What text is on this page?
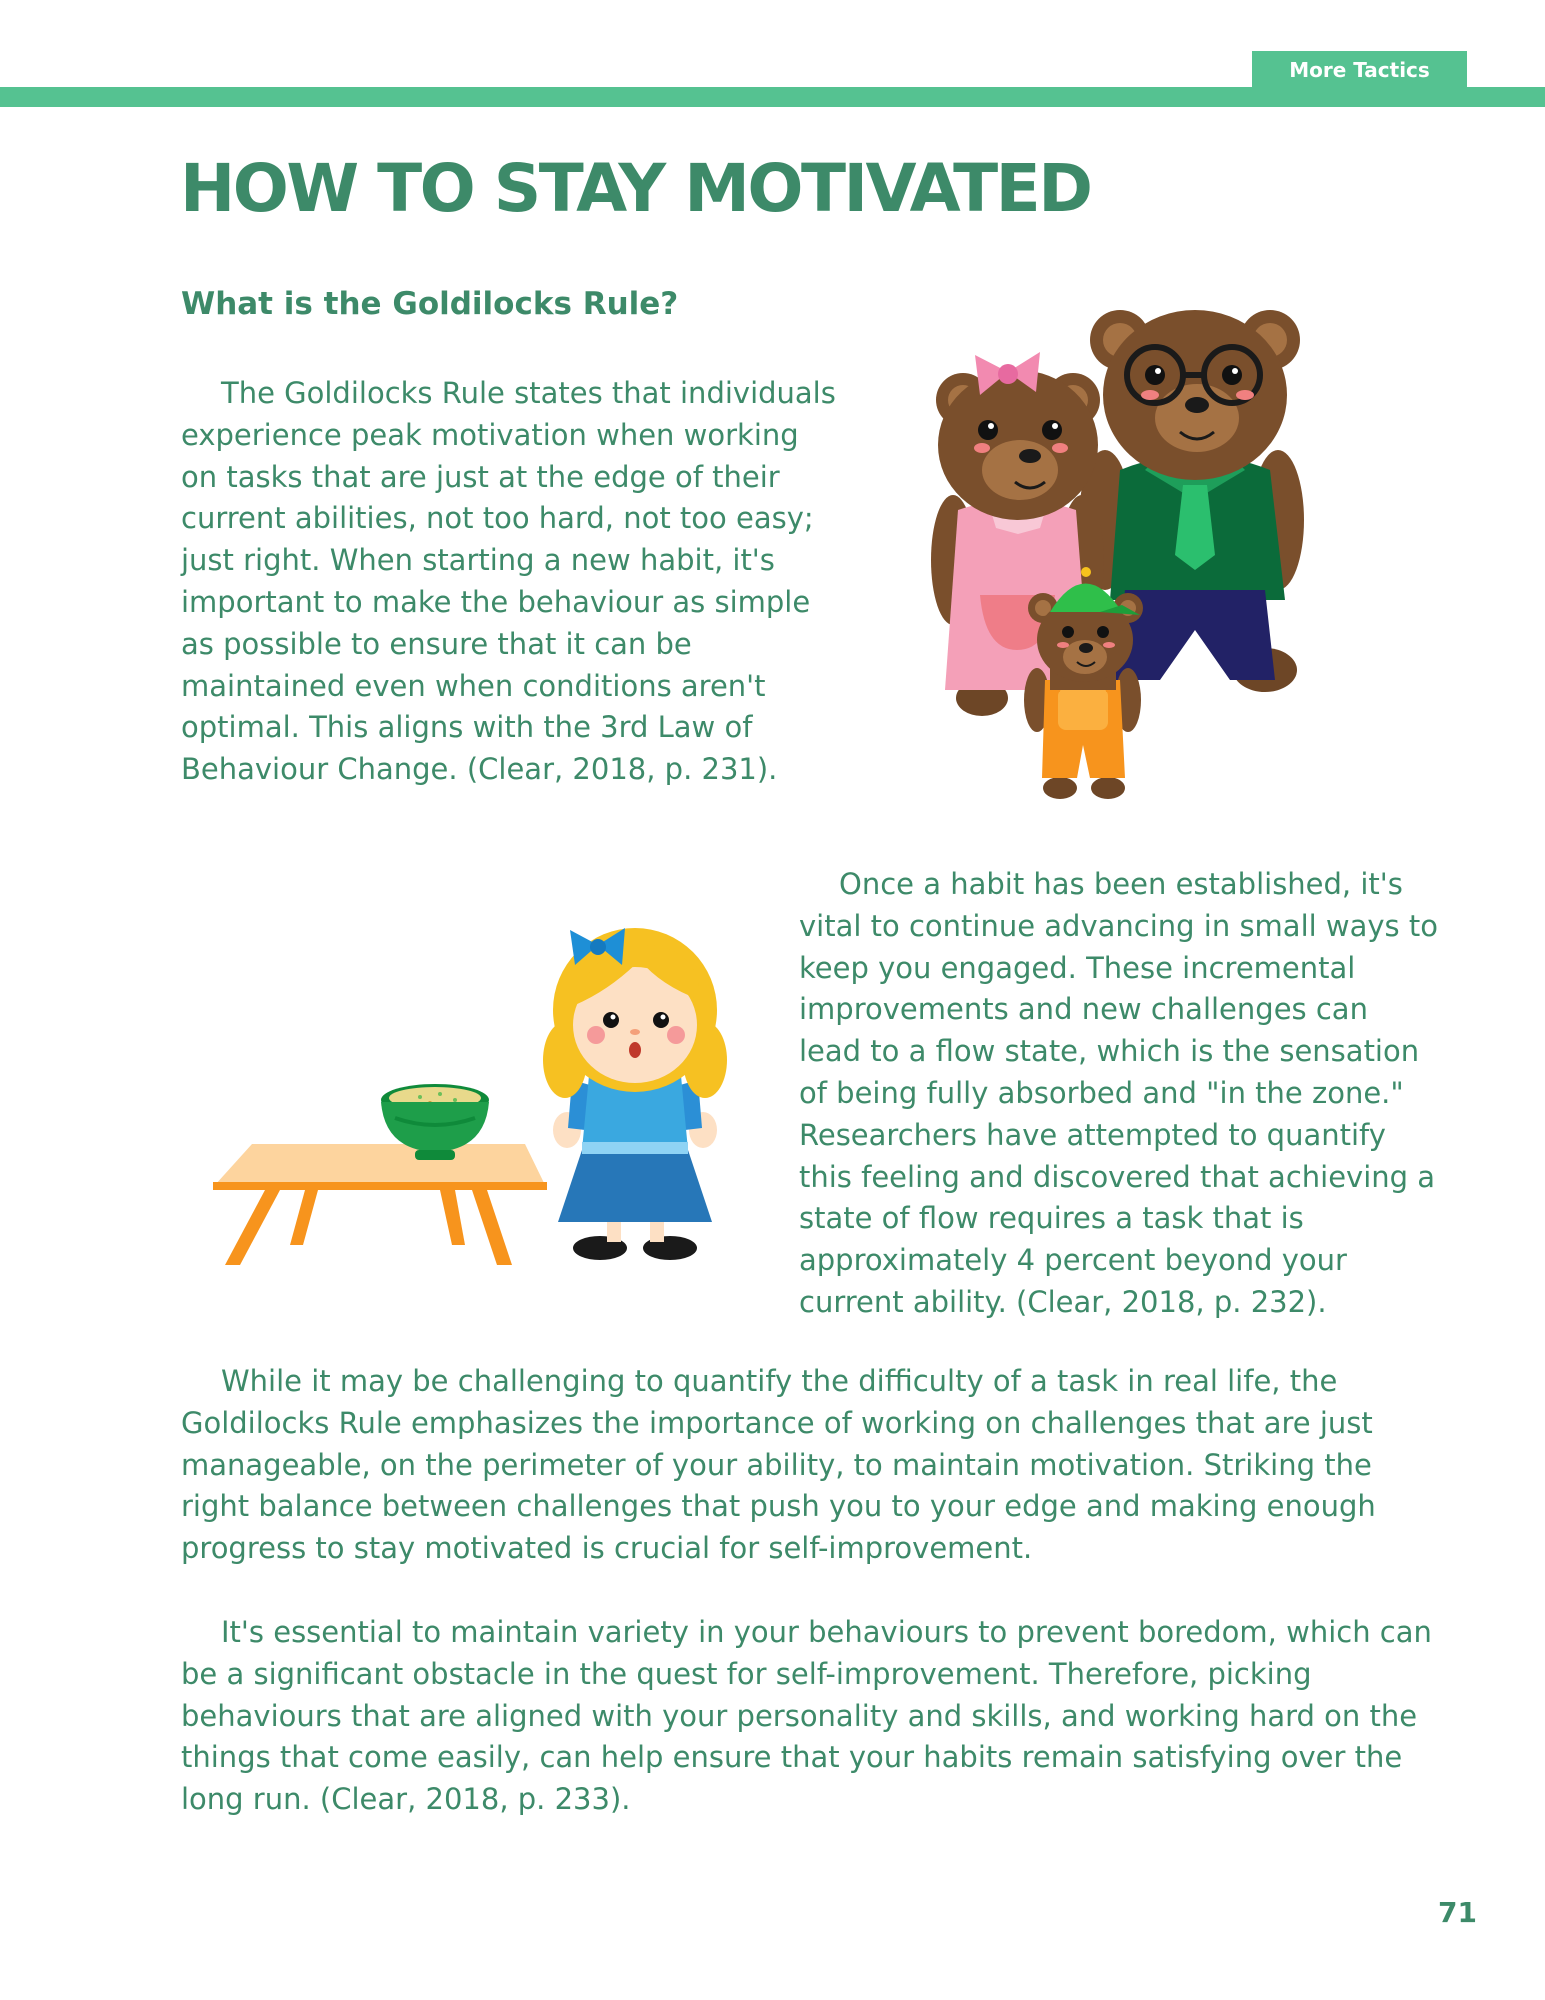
More Tactics
HOW TO STAY MOTIVATED
What is the Goldilocks Rule?

The Goldilocks Rule states that individuals experience peak motivation when working on tasks that are just at the edge of their current abilities, not too hard, not too easy; just right. When starting a new habit, it's important to make the behaviour as simple as possible to ensure that it can be maintained even when conditions aren't optimal. This aligns with the 3rd Law of Behaviour Change. (Clear, 2018, p. 231).

Once a habit has been established, it's vital to continue advancing in small ways to keep you engaged. These incremental improvements and new challenges can lead to a flow state, which is the sensation of being fully absorbed and "in the zone." Researchers have attempted to quantify this feeling and discovered that achieving a state of flow requires a task that is approximately 4 percent beyond your current ability. (Clear, 2018, p. 232).

While it may be challenging to quantify the difficulty of a task in real life, the Goldilocks Rule emphasizes the importance of working on challenges that are just manageable, on the perimeter of your ability, to maintain motivation. Striking the right balance between challenges that push you to your edge and making enough progress to stay motivated is crucial for self-improvement.

It's essential to maintain variety in your behaviours to prevent boredom, which can be a significant obstacle in the quest for self-improvement. Therefore, picking behaviours that are aligned with your personality and skills, and working hard on the things that come easily, can help ensure that your habits remain satisfying over the long run. (Clear, 2018, p. 233).

71
